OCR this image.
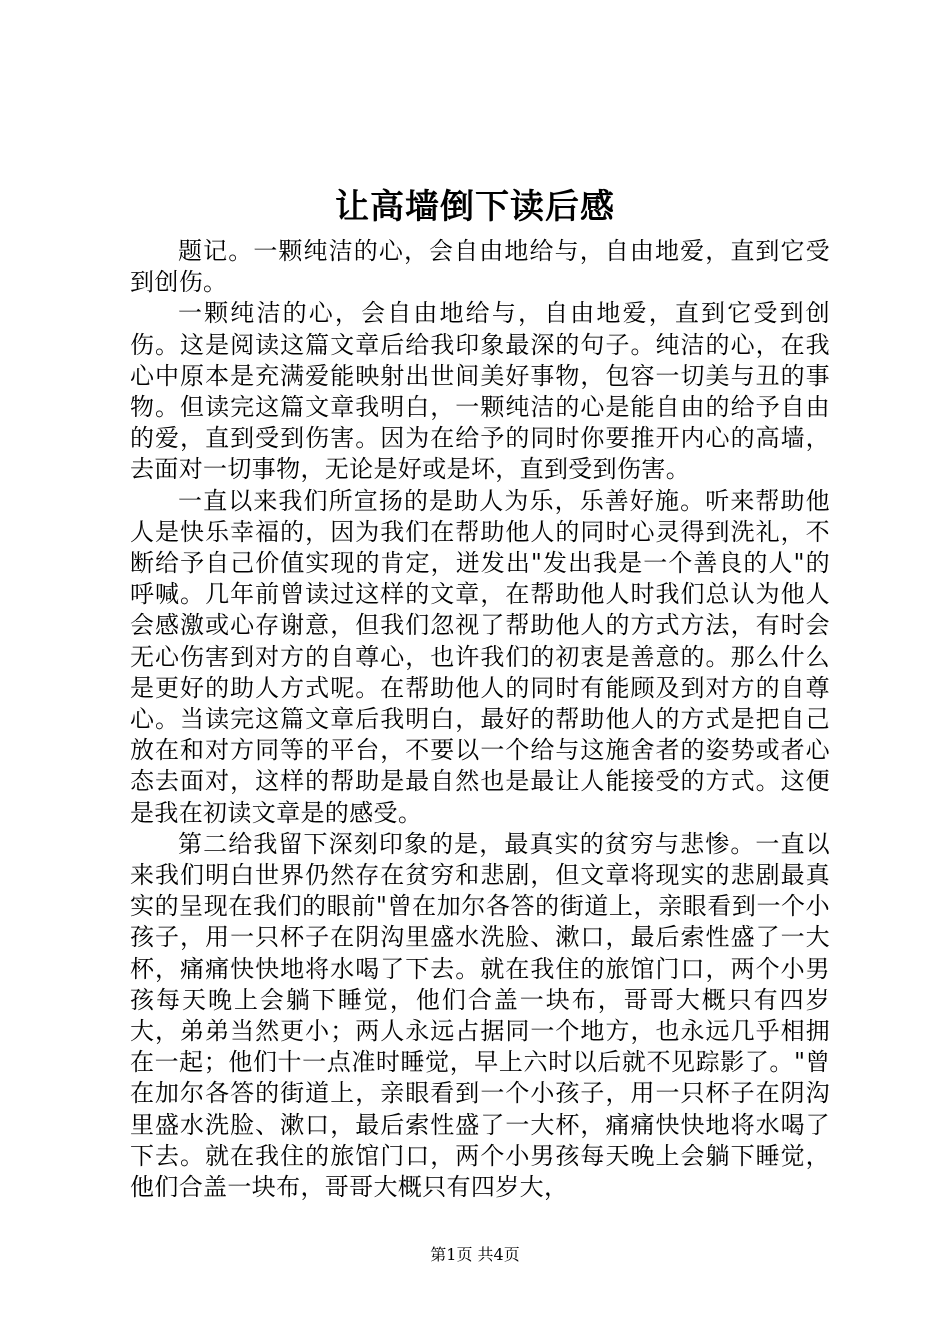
让高墙倒下读后感

题记。一颗纯洁的心，会自由地给与，自由地爱，直到它受到创伤。

一颗纯洁的心，会自由地给与，自由地爱，直到它受到创伤。这是阅读这篇文章后给我印象最深的句子。纯洁的心，在我心中原本是充满爱能映射出世间美好事物，包容一切美与丑的事物。但读完这篇文章我明白，一颗纯洁的心是能自由的给予自由的爱，直到受到伤害。因为在给予的同时你要推开内心的高墙，去面对一切事物，无论是好或是坏，直到受到伤害。

一直以来我们所宣扬的是助人为乐，乐善好施。听来帮助他人是快乐幸福的，因为我们在帮助他人的同时心灵得到洗礼，不断给予自己价值实现的肯定，迸发出"发出我是一个善良的人"的呼喊。几年前曾读过这样的文章，在帮助他人时我们总认为他人会感激或心存谢意，但我们忽视了帮助他人的方式方法，有时会无心伤害到对方的自尊心，也许我们的初衷是善意的。那么什么是更好的助人方式呢。在帮助他人的同时有能顾及到对方的自尊心。当读完这篇文章后我明白，最好的帮助他人的方式是把自己放在和对方同等的平台，不要以一个给与这施舍者的姿势或者心态去面对，这样的帮助是最自然也是最让人能接受的方式。这便是我在初读文章是的感受。

第二给我留下深刻印象的是，最真实的贫穷与悲惨。一直以来我们明白世界仍然存在贫穷和悲剧，但文章将现实的悲剧最真实的呈现在我们的眼前"曾在加尔各答的街道上，亲眼看到一个小孩子，用一只杯子在阴沟里盛水洗脸、漱口，最后索性盛了一大杯，痛痛快快地将水喝了下去。就在我住的旅馆门口，两个小男孩每天晚上会躺下睡觉，他们合盖一块布，哥哥大概只有四岁大，弟弟当然更小；两人永远占据同一个地方，也永远几乎相拥在一起；他们十一点准时睡觉，早上六时以后就不见踪影了。"曾在加尔各答的街道上，亲眼看到一个小孩子，用一只杯子在阴沟里盛水洗脸、漱口，最后索性盛了一大杯，痛痛快快地将水喝了下去。就在我住的旅馆门口，两个小男孩每天晚上会躺下睡觉，他们合盖一块布，哥哥大概只有四岁大，

第1页 共4页
